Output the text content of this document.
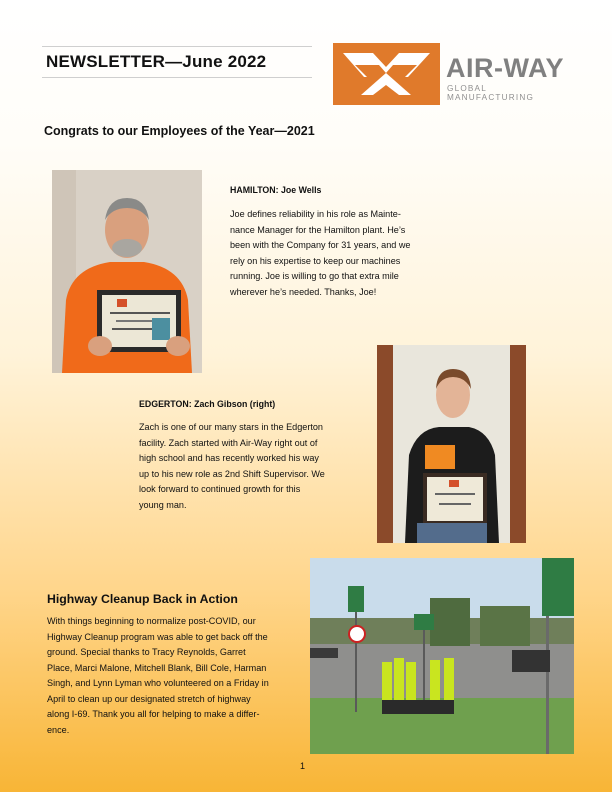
NEWSLETTER—June 2022	AIR-WAY
GLOBAL MANUFACTURING
Congrats to our Employees of the Year—2021
HAMILTON: Joe Wells
Joe defines reliability in his role as Mainte-
nance Manager for the Hamilton plant. He’s
been with the Company for 31 years, and we
rely on his expertise to keep our machines
running. Joe is willing to go that extra mile
wherever he’s needed. Thanks, Joe!
EDGERTON: Zach Gibson (right)
Zach is one of our many stars in the Edgerton
facility. Zach started with Air-Way right out of
high school and has recently worked his way
up to his new role as 2nd Shift Supervisor. We
look forward to continued growth for this
young man.
Highway Cleanup Back in Action
With things beginning to normalize post-COVID, our
Highway Cleanup program was able to get back off the
ground. Special thanks to Tracy Reynolds, Garret
Place, Marci Malone, Mitchell Blank, Bill Cole, Harman
Singh, and Lynn Lyman who volunteered on a Friday in
April to clean up our designated stretch of highway
along I-69. Thank you all for helping to make a differ-
ence.
1
